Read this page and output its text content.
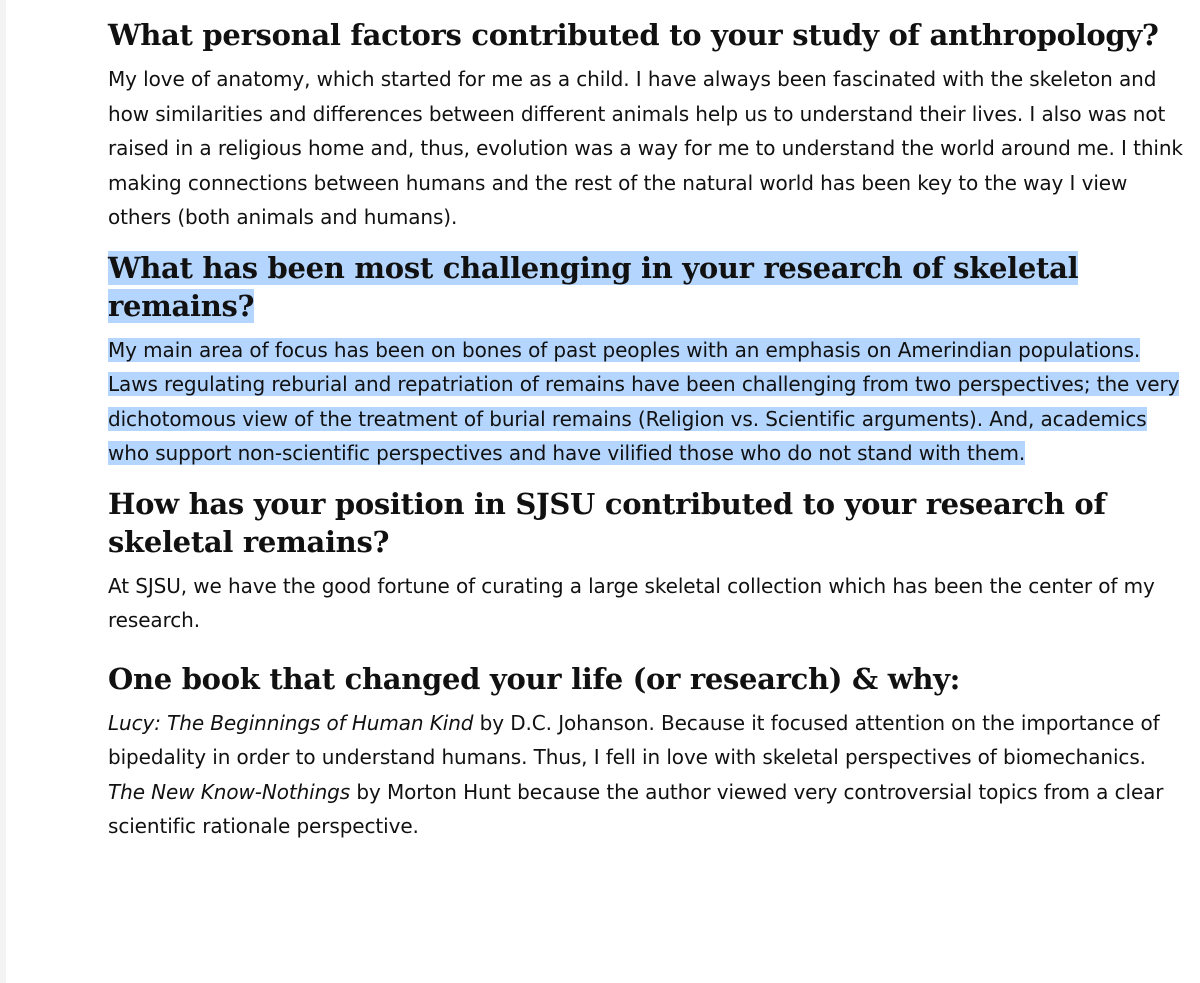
What personal factors contributed to your study of anthropology?

My love of anatomy, which started for me as a child. I have always been fascinated with the skeleton and how similarities and differences between different animals help us to understand their lives. I also was not raised in a religious home and, thus, evolution was a way for me to understand the world around me. I think making connections between humans and the rest of the natural world has been key to the way I view others (both animals and humans).

What has been most challenging in your research of skeletal remains?

My main area of focus has been on bones of past peoples with an emphasis on Amerindian populations. Laws regulating reburial and repatriation of remains have been challenging from two perspectives; the very dichotomous view of the treatment of burial remains (Religion vs. Scientific arguments). And, academics who support non-scientific perspectives and have vilified those who do not stand with them.

How has your position in SJSU contributed to your research of skeletal remains?

At SJSU, we have the good fortune of curating a large skeletal collection which has been the center of my research.

One book that changed your life (or research) & why:

Lucy: The Beginnings of Human Kind by D.C. Johanson. Because it focused attention on the importance of bipedality in order to understand humans. Thus, I fell in love with skeletal perspectives of biomechanics. The New Know-Nothings by Morton Hunt because the author viewed very controversial topics from a clear scientific rationale perspective.
